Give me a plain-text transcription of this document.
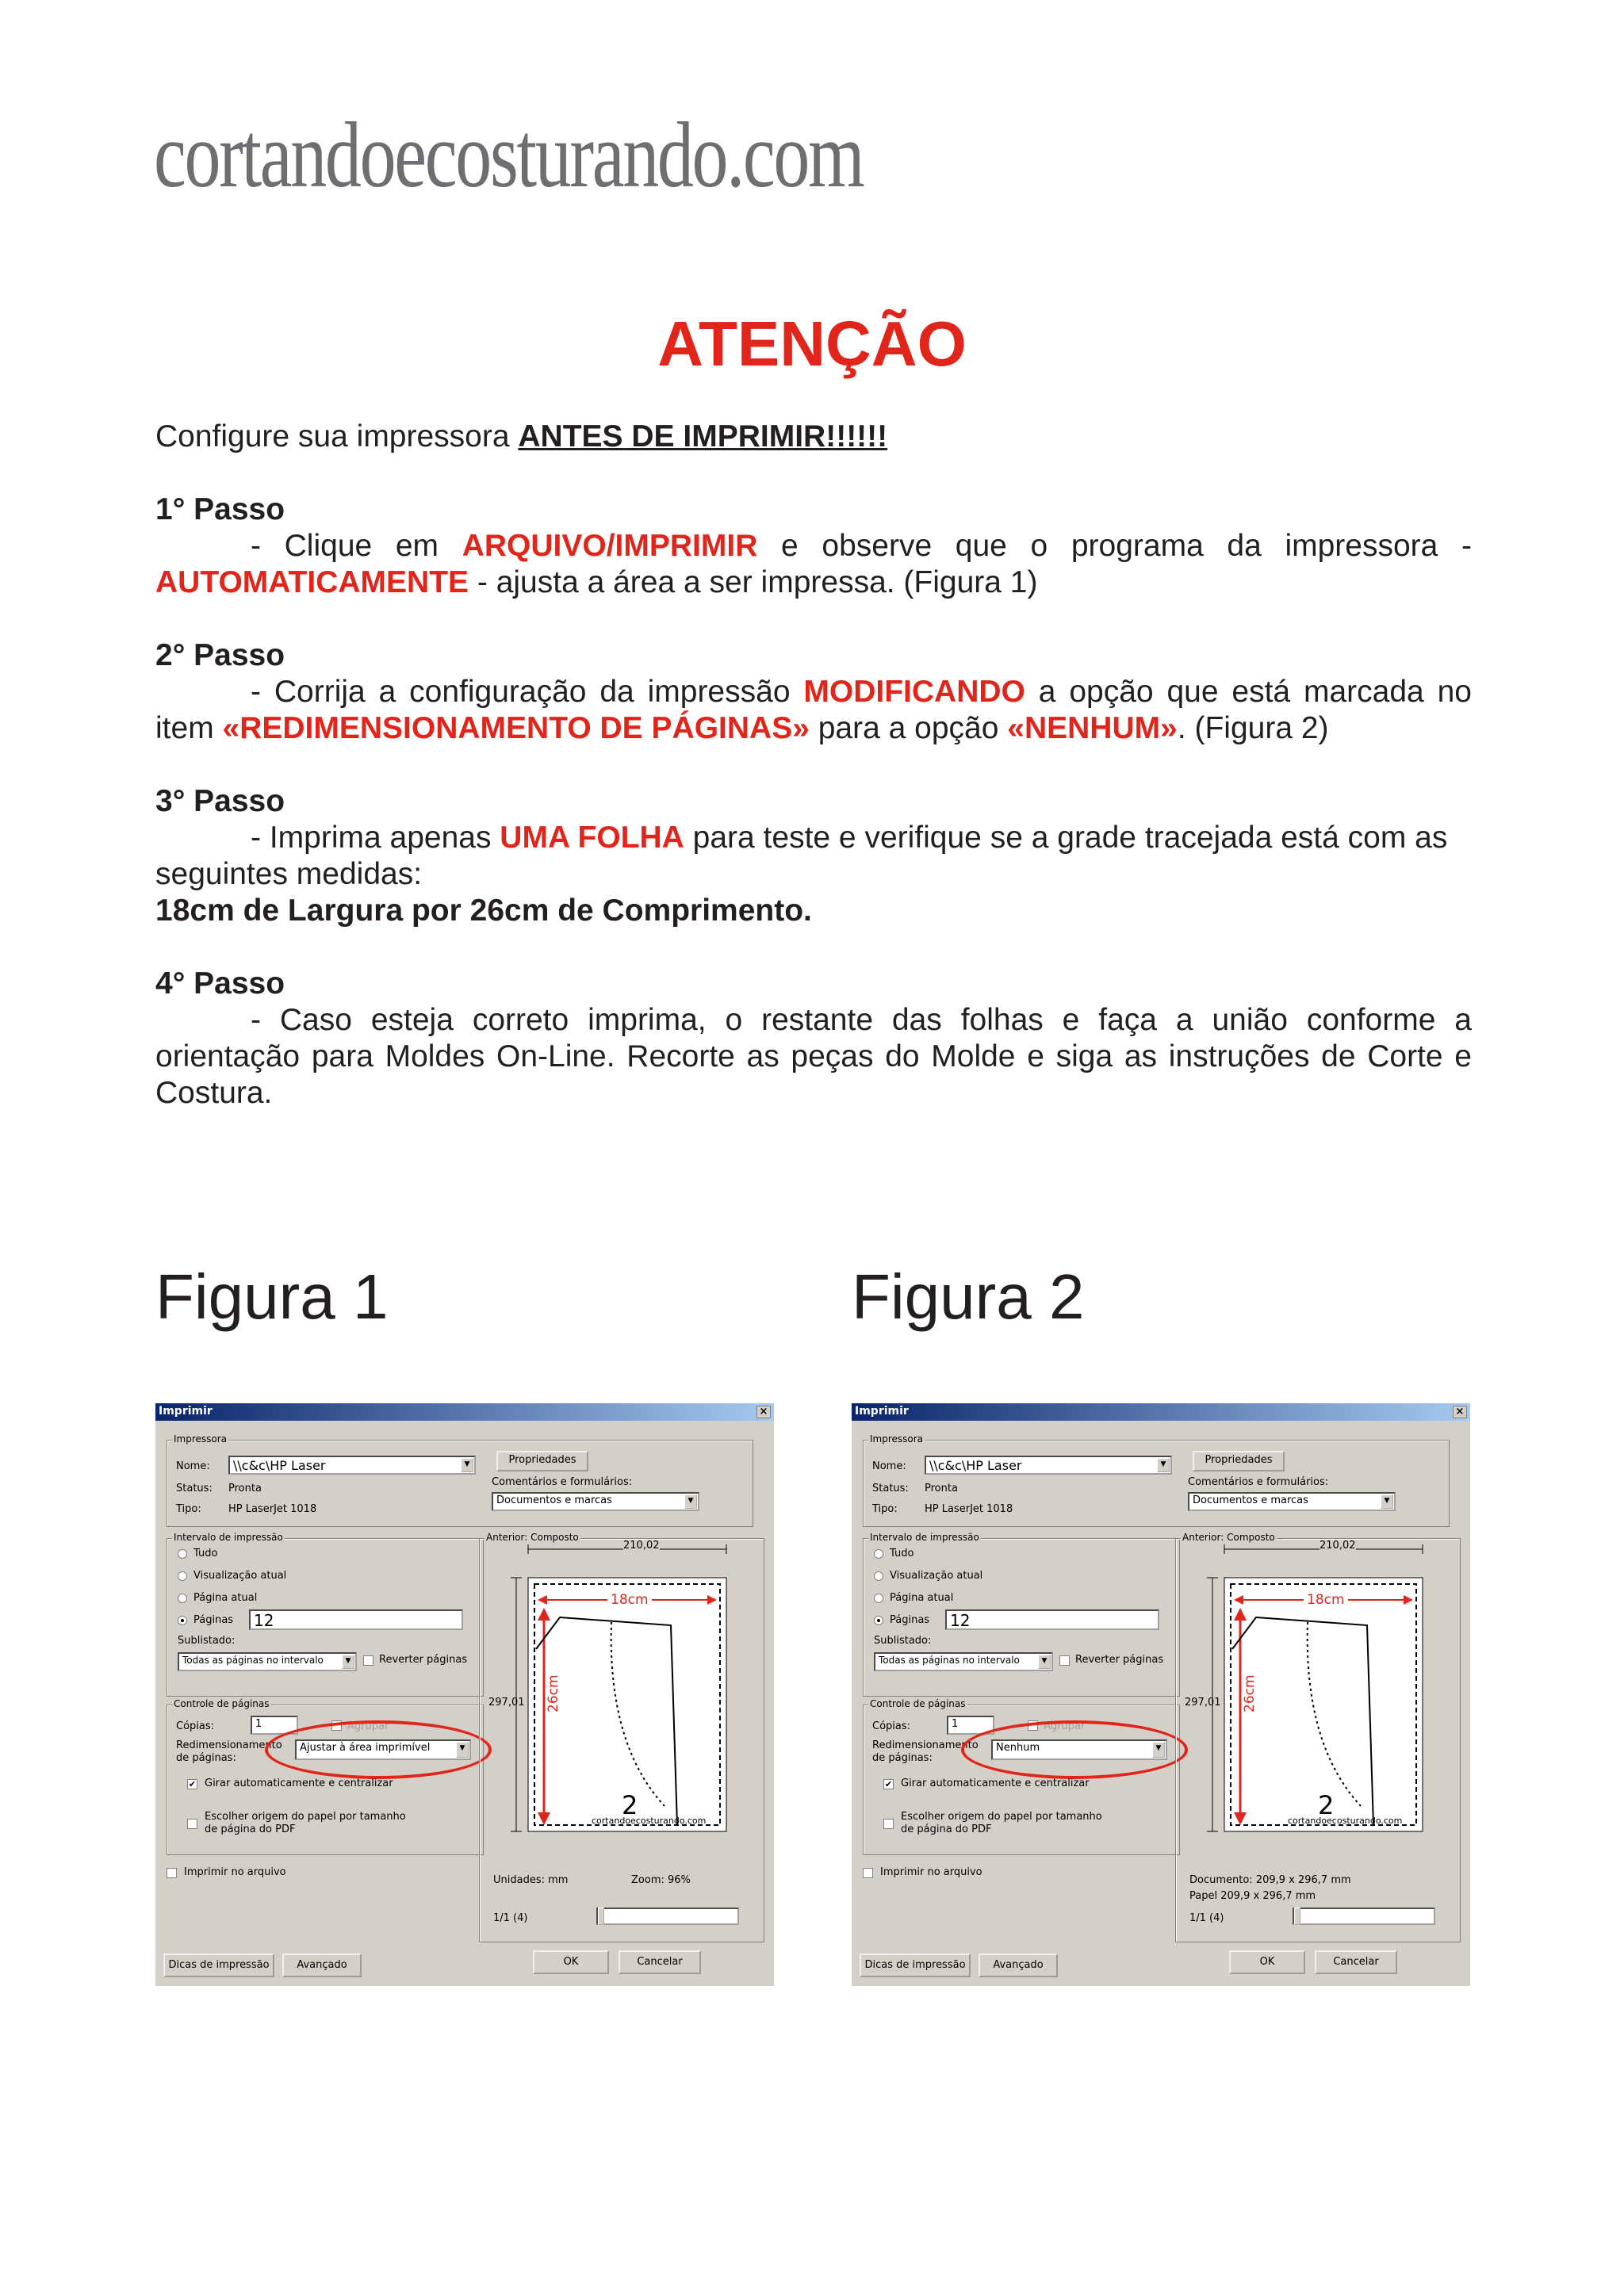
cortandoecosturando.com
ATENÇÃO

Configure sua impressora ANTES DE IMPRIMIR!!!!!!

1° Passo

- Clique em ARQUIVO/IMPRIMIR e observe que o programa da impressora - AUTOMATICAMENTE - ajusta a área a ser impressa. (Figura 1)

2° Passo

- Corrija a configuração da impressão MODIFICANDO a opção que está marcada no item «REDIMENSIONAMENTO DE PÁGINAS» para a opção «NENHUM». (Figura 2)

3° Passo

- Imprima apenas UMA FOLHA para teste e verifique se a grade tracejada está com as seguintes medidas:

18cm de Largura por 26cm de Comprimento.

4° Passo

- Caso esteja correto imprima, o restante das folhas e faça a união conforme a orientação para Moldes On-Line. Recorte as peças do Molde e siga as instruções de Corte e Costura.

Figura 1	Figura 2
Imprimir	×
Impressora
Nome:	\\c&c\HP Laser	▼
Status: Pronta
Tipo:	HP LaserJet 1018
Propriedades
Comentários e formulários:
Documentos e marcas	▼
Intervalo de impressão
Tudo
Visualização atual
Página atual
Páginas	12
Sublistado:
Todas as páginas no intervalo	▼	Reverter páginas
Controle de páginas
Cópias:	1	Agrupar
Redimensionamento
de páginas:
Ajustar à área imprimível	▼
✔ Girar automaticamente e centralizar
Escolher origem do papel por tamanho
de página do PDF
Imprimir no arquivo
Anterior: Composto
210,02
297,01
18cm
26cm
2
cortandoecosturando.com
Unidades: mm	Zoom: 96%
1/1 (4)
Dicas de impressão	Avançado	OK	Cancelar
Imprimir	×
Impressora
Nome:	\\c&c\HP Laser	▼
Status: Pronta
Tipo:	HP LaserJet 1018
Propriedades
Comentários e formulários:
Documentos e marcas	▼
Intervalo de impressão
Tudo
Visualização atual
Página atual
Páginas	12
Sublistado:
Todas as páginas no intervalo	▼	Reverter páginas
Controle de páginas
Cópias:	1	Agrupar
Redimensionamento
de páginas:
Nenhum	▼
✔ Girar automaticamente e centralizar
Escolher origem do papel por tamanho
de página do PDF
Imprimir no arquivo
Anterior: Composto
210,02
297,01
18cm
26cm
2
cortandoecosturando.com
Documento: 209,9 x 296,7 mm
Papel 209,9 x 296,7 mm
1/1 (4)
Dicas de impressão	Avançado	OK	Cancelar
